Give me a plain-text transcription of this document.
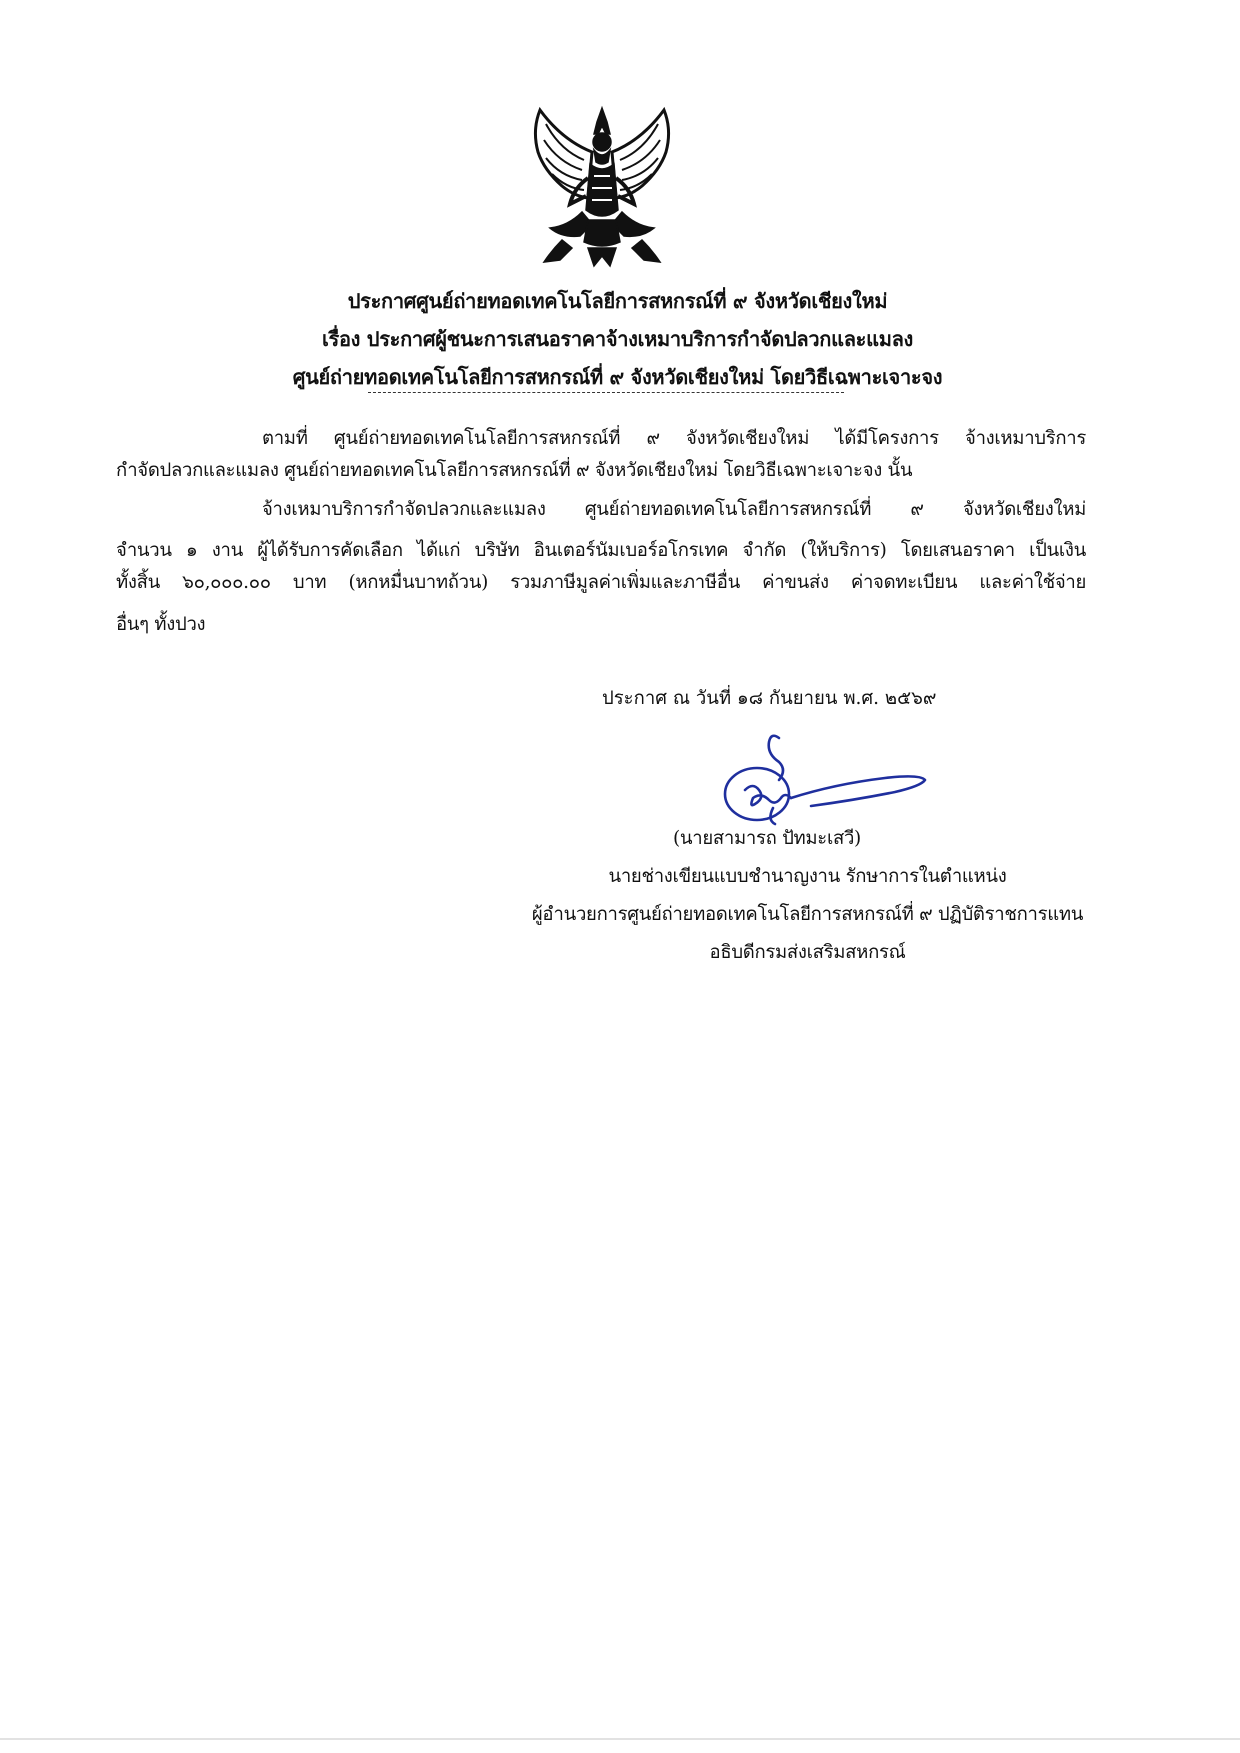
ประกาศศูนย์ถ่ายทอดเทคโนโลยีการสหกรณ์ที่ ๙ จังหวัดเชียงใหม่
เรื่อง ประกาศผู้ชนะการเสนอราคาจ้างเหมาบริการกำจัดปลวกและแมลง
ศูนย์ถ่ายทอดเทคโนโลยีการสหกรณ์ที่ ๙ จังหวัดเชียงใหม่ โดยวิธีเฉพาะเจาะจง
ตามที่ ศูนย์ถ่ายทอดเทคโนโลยีการสหกรณ์ที่ ๙ จังหวัดเชียงใหม่ ได้มีโครงการ จ้างเหมาบริการ
กำจัดปลวกและแมลง ศูนย์ถ่ายทอดเทคโนโลยีการสหกรณ์ที่ ๙ จังหวัดเชียงใหม่ โดยวิธีเฉพาะเจาะจง นั้น
จ้างเหมาบริการกำจัดปลวกและแมลง ศูนย์ถ่ายทอดเทคโนโลยีการสหกรณ์ที่ ๙ จังหวัดเชียงใหม่
จำนวน ๑ งาน ผู้ได้รับการคัดเลือก ได้แก่ บริษัท อินเตอร์นัมเบอร์อโกรเทค จำกัด (ให้บริการ) โดยเสนอราคา เป็นเงิน
ทั้งสิ้น ๖๐,๐๐๐.๐๐ บาท (หกหมื่นบาทถ้วน) รวมภาษีมูลค่าเพิ่มและภาษีอื่น ค่าขนส่ง ค่าจดทะเบียน และค่าใช้จ่าย
อื่นๆ ทั้งปวง
ประกาศ ณ วันที่ ๑๘ กันยายน พ.ศ. ๒๕๖๙
(นายสามารถ ปัทมะเสวี)
นายช่างเขียนแบบชำนาญงาน รักษาการในตำแหน่ง
ผู้อำนวยการศูนย์ถ่ายทอดเทคโนโลยีการสหกรณ์ที่ ๙ ปฏิบัติราชการแทน
อธิบดีกรมส่งเสริมสหกรณ์
